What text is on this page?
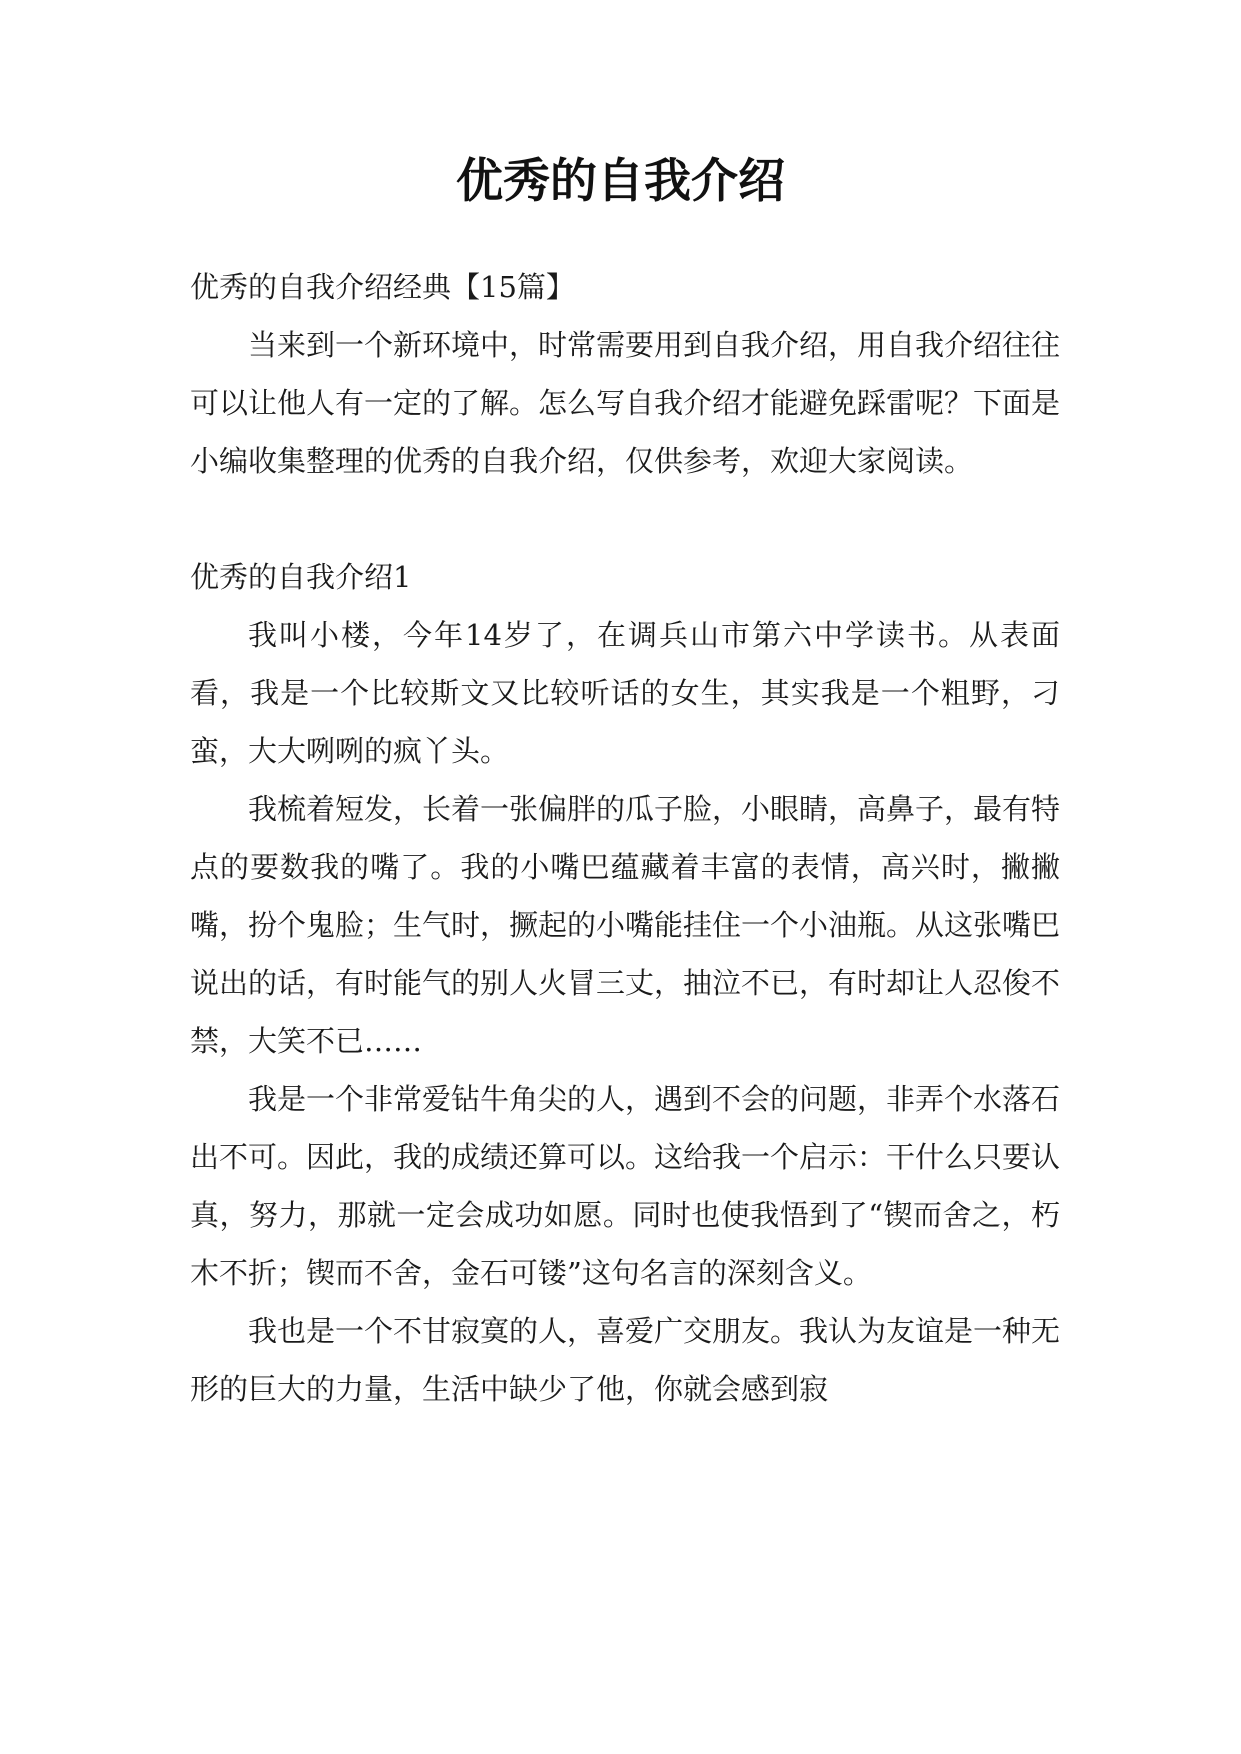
优秀的自我介绍

优秀的自我介绍经典【15篇】

当来到一个新环境中，时常需要用到自我介绍，用自我介绍往往可以让他人有一定的了解。怎么写自我介绍才能避免踩雷呢？下面是小编收集整理的优秀的自我介绍，仅供参考，欢迎大家阅读。

优秀的自我介绍1

我叫小楼，今年14岁了，在调兵山市第六中学读书。从表面看，我是一个比较斯文又比较听话的女生，其实我是一个粗野，刁蛮，大大咧咧的疯丫头。

我梳着短发，长着一张偏胖的瓜子脸，小眼睛，高鼻子，最有特点的要数我的嘴了。我的小嘴巴蕴藏着丰富的表情，高兴时，撇撇嘴，扮个鬼脸；生气时，撅起的小嘴能挂住一个小油瓶。从这张嘴巴说出的话，有时能气的别人火冒三丈，抽泣不已，有时却让人忍俊不禁，大笑不已……

我是一个非常爱钻牛角尖的人，遇到不会的问题，非弄个水落石出不可。因此，我的成绩还算可以。这给我一个启示：干什么只要认真，努力，那就一定会成功如愿。同时也使我悟到了“锲而舍之，朽木不折；锲而不舍，金石可镂”这句名言的深刻含义。

我也是一个不甘寂寞的人，喜爱广交朋友。我认为友谊是一种无形的巨大的力量，生活中缺少了他，你就会感到寂
